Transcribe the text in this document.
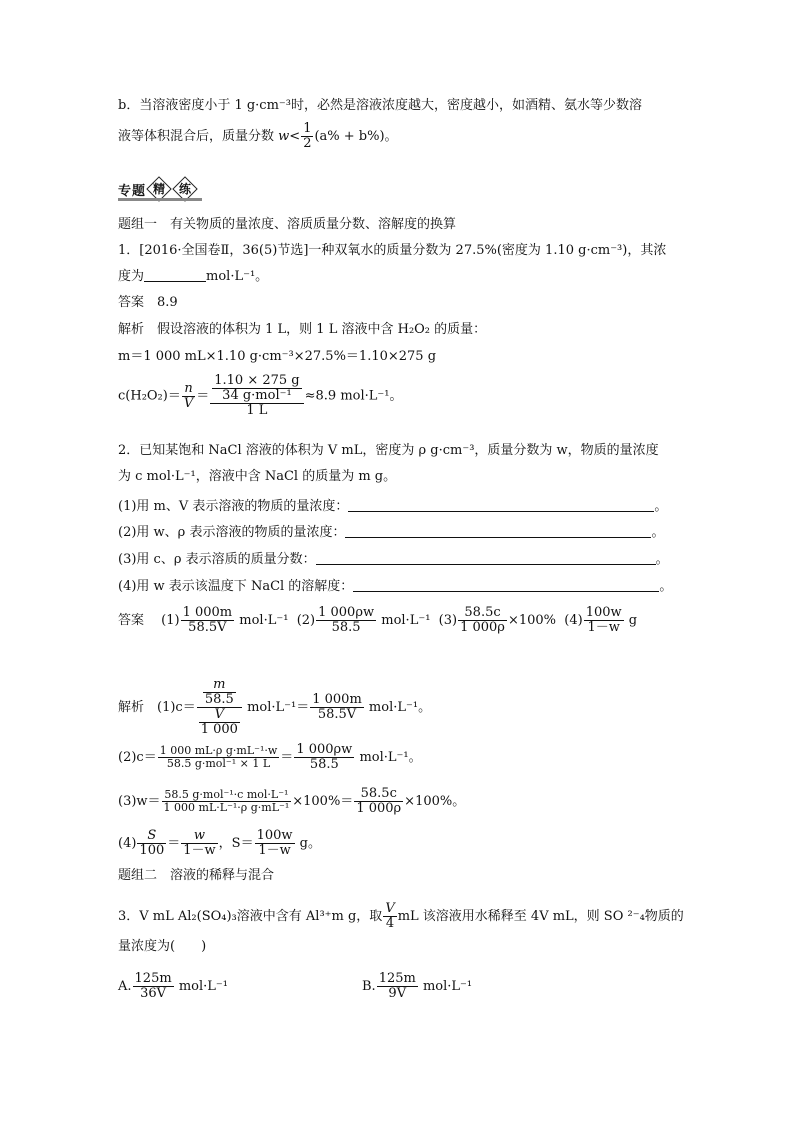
b．当溶液密度小于 1 g·cm⁻³时，必然是溶液浓度越大，密度越小，如酒精、氨水等少数溶
液等体积混合后，质量分数 $w< \frac{1}{2} (a\% + b\%)$。
专题 精	练
题组一　有关物质的量浓度、溶质质量分数、溶解度的换算
1．[2016·全国卷Ⅱ，36(5)节选]一种双氧水的质量分数为 27.5%(密度为 1.10 g·cm⁻³)，其浓
度为	mol·L⁻¹。
答案　8.9
解析　假设溶液的体积为 1 L，则 1 L 溶液中含 H₂O₂ 的质量：
m＝1 000 mL×1.10 g·cm⁻³×27.5%＝1.10×275 g
$c(H_2O_2)= \frac{n}{V} = \frac{\frac{1.10 \times 275 g}{\text{34 g·mol⁻¹}}}{1 L} \approx 8.9$ mol·L⁻¹。
2．已知某饱和 NaCl 溶液的体积为 V mL，密度为 ρ g·cm⁻³，质量分数为 w，物质的量浓度
为 c mol·L⁻¹，溶液中含 NaCl 的质量为 m g。
(1)用 m、V 表示溶液的物质的量浓度：	。
(2)用 w、ρ 表示溶液的物质的量浓度：	。
(3)用 c、ρ 表示溶质的质量分数：	。
(4)用 w 表示该温度下 NaCl 的溶解度：	。
答案　 $(1) \frac{1 000m}{58.5V} mol\cdot L^{-1}$ $(2) \frac{1 000\rho w}{58.5} mol\cdot L^{-1}$ $(3) \frac{58.5c}{1 000\rho} \times 100\%$ $(4) \frac{100w}{1-w}$ g
解析　$(1)c= \frac{\frac{m}{58.5}}{\frac{V}{1 000}} mol\cdot L^{-1}= \frac{1 000m}{58.5V} mol\cdot L^{-1}$。
$(2)c= \frac{\text{1 000 mL·ρ g·mL⁻¹·w}}{\text{58.5 g·mol⁻¹ × 1 L}} = \frac{1 000\rho w}{58.5} mol\cdot L^{-1}$。
$(3)w= \frac{\text{58.5 g·mol⁻¹·c mol·L⁻¹}}{\text{1 000 mL·L⁻¹·ρ g·mL⁻¹}} \times 100\%= \frac{58.5c}{1 000\rho} \times 100\%$。
$(4) \frac{S}{100} = \frac{w}{1-w}$ ，$S= \frac{100w}{1-w}$ g。
题组二　溶液的稀释与混合
3．V mL Al₂(SO₄)₃溶液中含有 Al³⁺m g，取 $\frac{V}{4}$ mL 该溶液用水稀释至 4V mL，则 SO ²⁻₄物质的
量浓度为(　　)
A. $\frac{125m}{36V} mol\cdot L^{-1}$	B. $\frac{125m}{9V} mol\cdot L^{-1}$
